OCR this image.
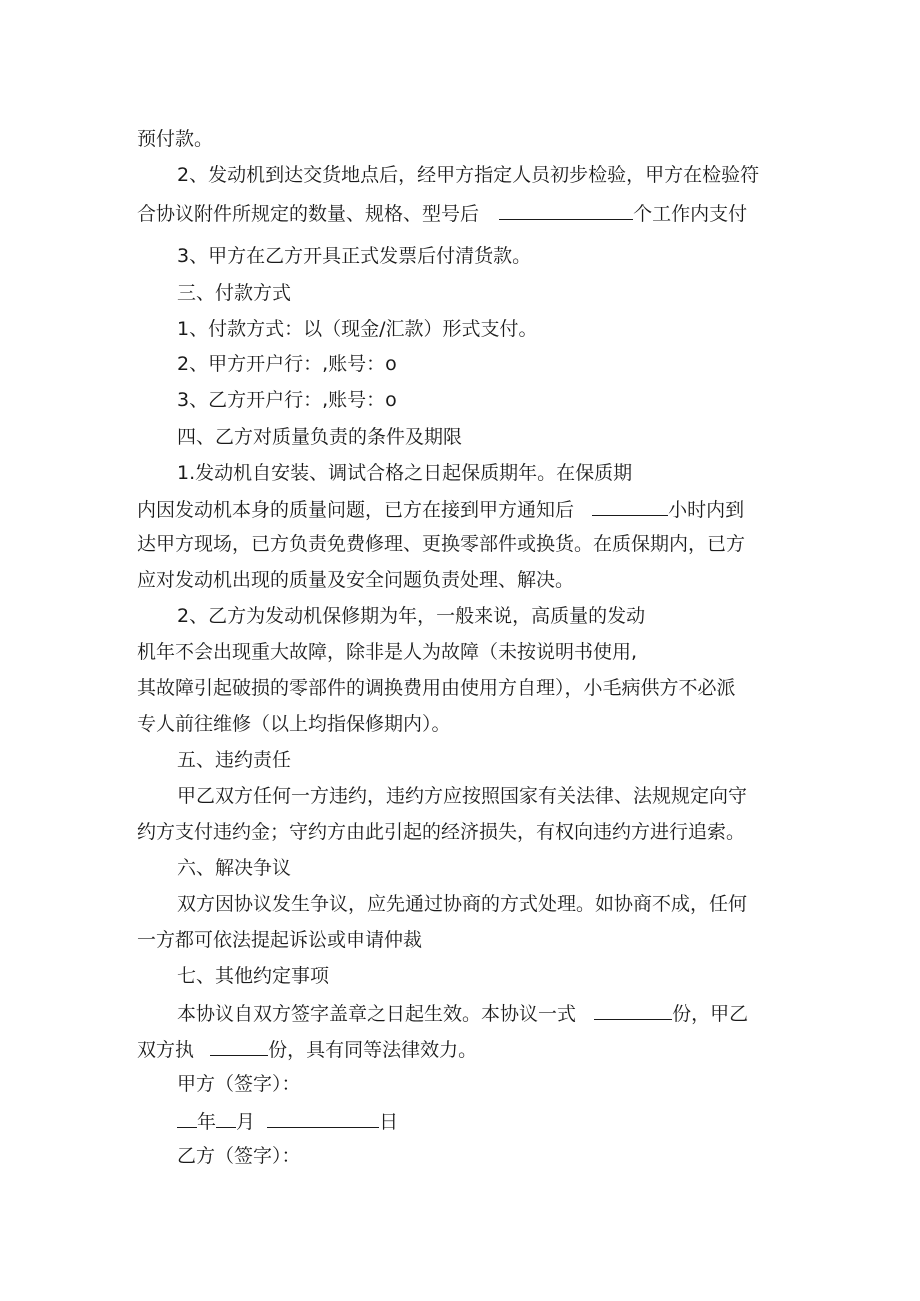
预付款。
2、发动机到达交货地点后，经甲方指定人员初步检验，甲方在检验符
合协议附件所规定的数量、规格、型号后	个工作内支付
3、甲方在乙方开具正式发票后付清货款。
三、付款方式
1、付款方式：以（现金/汇款）形式支付。
2、甲方开户行：,账号：o
3、乙方开户行：,账号：o
四、乙方对质量负责的条件及期限
1.发动机自安装、调试合格之日起保质期年。在保质期
内因发动机本身的质量问题，已方在接到甲方通知后	小时内到
达甲方现场，已方负责免费修理、更换零部件或换货。在质保期内，已方
应对发动机出现的质量及安全问题负责处理、解决。
2、乙方为发动机保修期为年，一般来说，高质量的发动
机年不会出现重大故障，除非是人为故障（未按说明书使用,
其故障引起破损的零部件的调换费用由使用方自理），小毛病供方不必派
专人前往维修（以上均指保修期内）。
五、违约责任
甲乙双方任何一方违约，违约方应按照国家有关法律、法规规定向守
约方支付违约金；守约方由此引起的经济损失，有权向违约方进行追索。
六、解决争议
双方因协议发生争议，应先通过协商的方式处理。如协商不成，任何
一方都可依法提起诉讼或申请仲裁
七、其他约定事项
本协议自双方签字盖章之日起生效。本协议一式	份，甲乙
双方执	份，具有同等法律效力。
甲方（签字）：
年 月	日
乙方（签字）：
